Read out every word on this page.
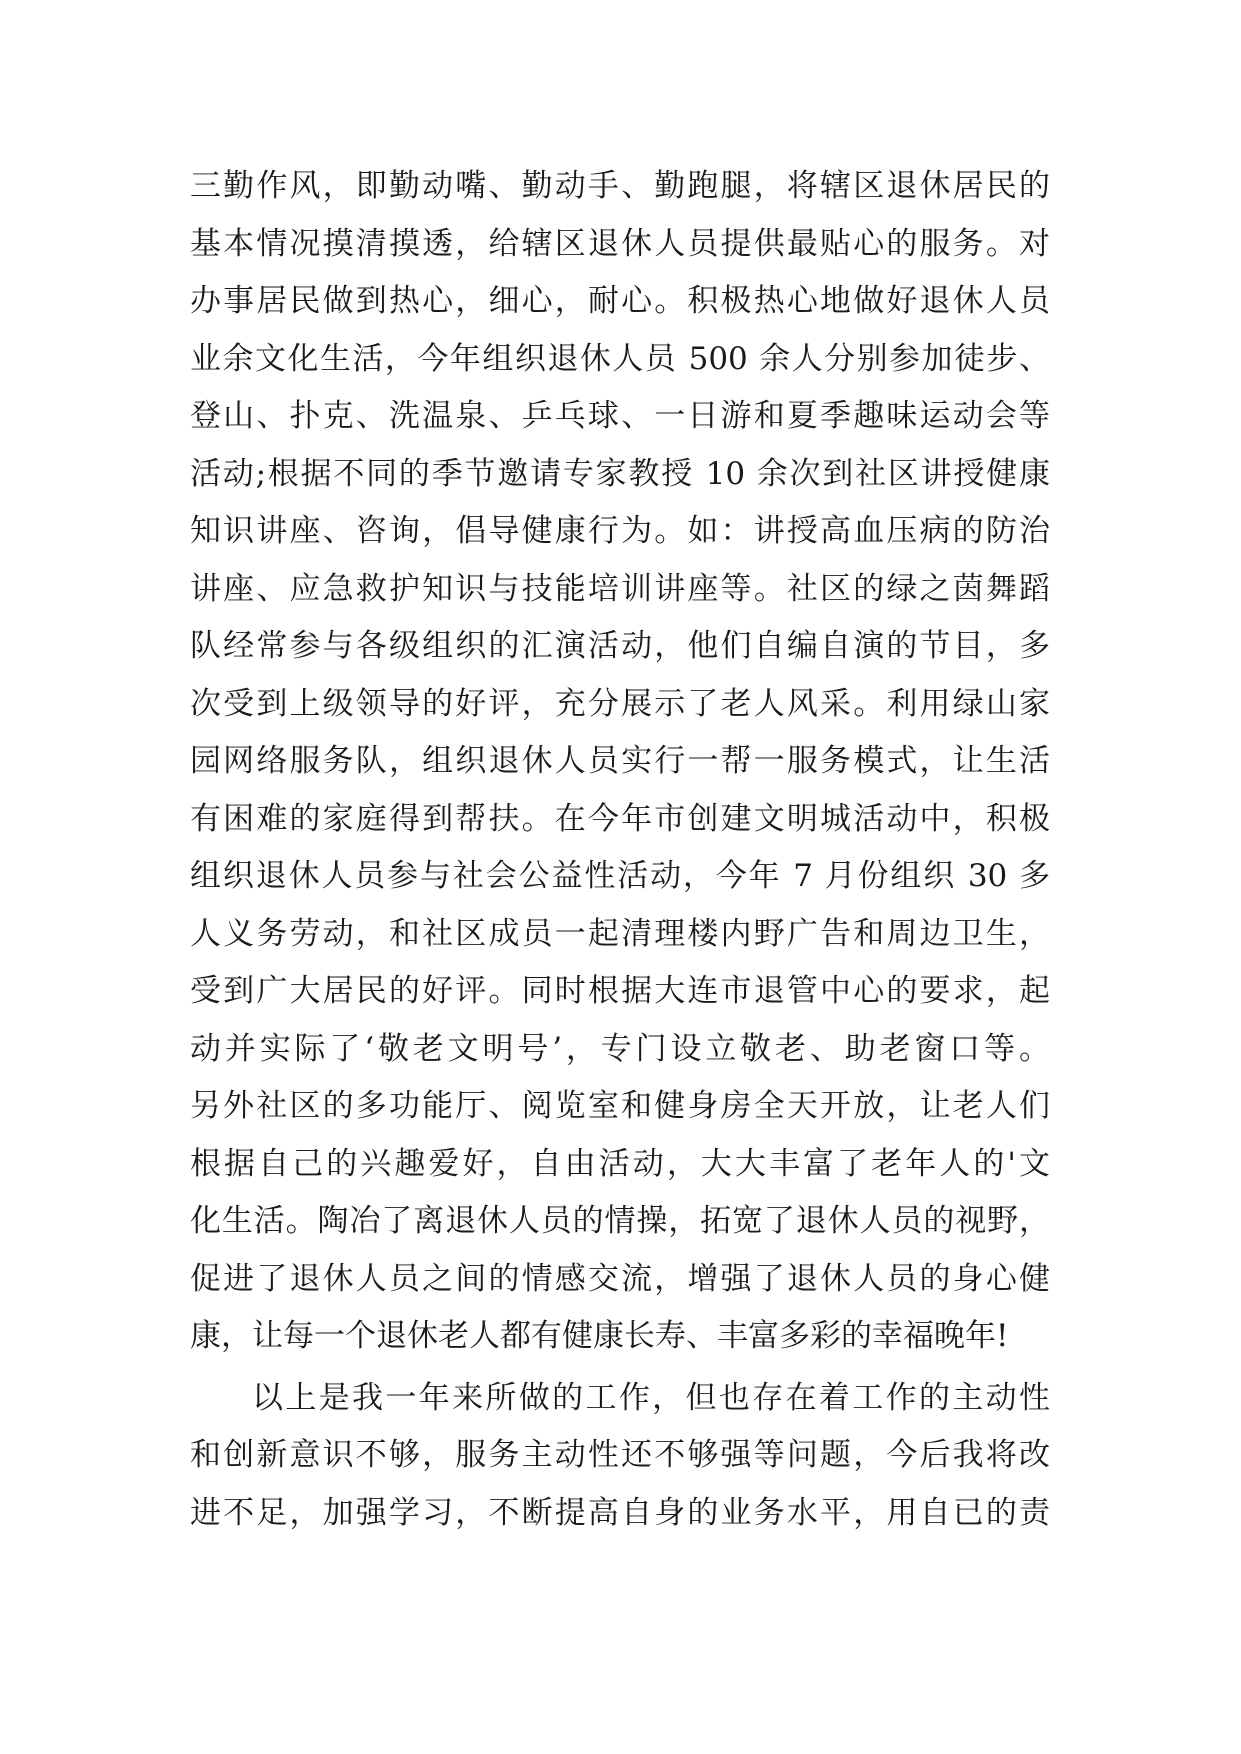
三勤作风，即勤动嘴、勤动手、勤跑腿，将辖区退休居民的
基本情况摸清摸透，给辖区退休人员提供最贴心的服务。对
办事居民做到热心，细心，耐心。积极热心地做好退休人员
业余文化生活，今年组织退休人员 500 余人分别参加徒步、
登山、扑克、洗温泉、乒乓球、一日游和夏季趣味运动会等
活动;根据不同的季节邀请专家教授 10 余次到社区讲授健康
知识讲座、咨询，倡导健康行为。如：讲授高血压病的防治
讲座、应急救护知识与技能培训讲座等。社区的绿之茵舞蹈
队经常参与各级组织的汇演活动，他们自编自演的节目，多
次受到上级领导的好评，充分展示了老人风采。利用绿山家
园网络服务队，组织退休人员实行一帮一服务模式，让生活
有困难的家庭得到帮扶。在今年市创建文明城活动中，积极
组织退休人员参与社会公益性活动，今年 7 月份组织 30 多
人义务劳动，和社区成员一起清理楼内野广告和周边卫生，
受到广大居民的好评。同时根据大连市退管中心的要求，起
动并实际了‘敬老文明号’，专门设立敬老、助老窗口等。
另外社区的多功能厅、阅览室和健身房全天开放，让老人们
根据自己的兴趣爱好，自由活动，大大丰富了老年人的'文
化生活。陶冶了离退休人员的情操，拓宽了退休人员的视野，
促进了退休人员之间的情感交流，增强了退休人员的身心健
康，让每一个退休老人都有健康长寿、丰富多彩的幸福晚年!
以上是我一年来所做的工作，但也存在着工作的主动性
和创新意识不够，服务主动性还不够强等问题，今后我将改
进不足，加强学习，不断提高自身的业务水平，用自已的责
